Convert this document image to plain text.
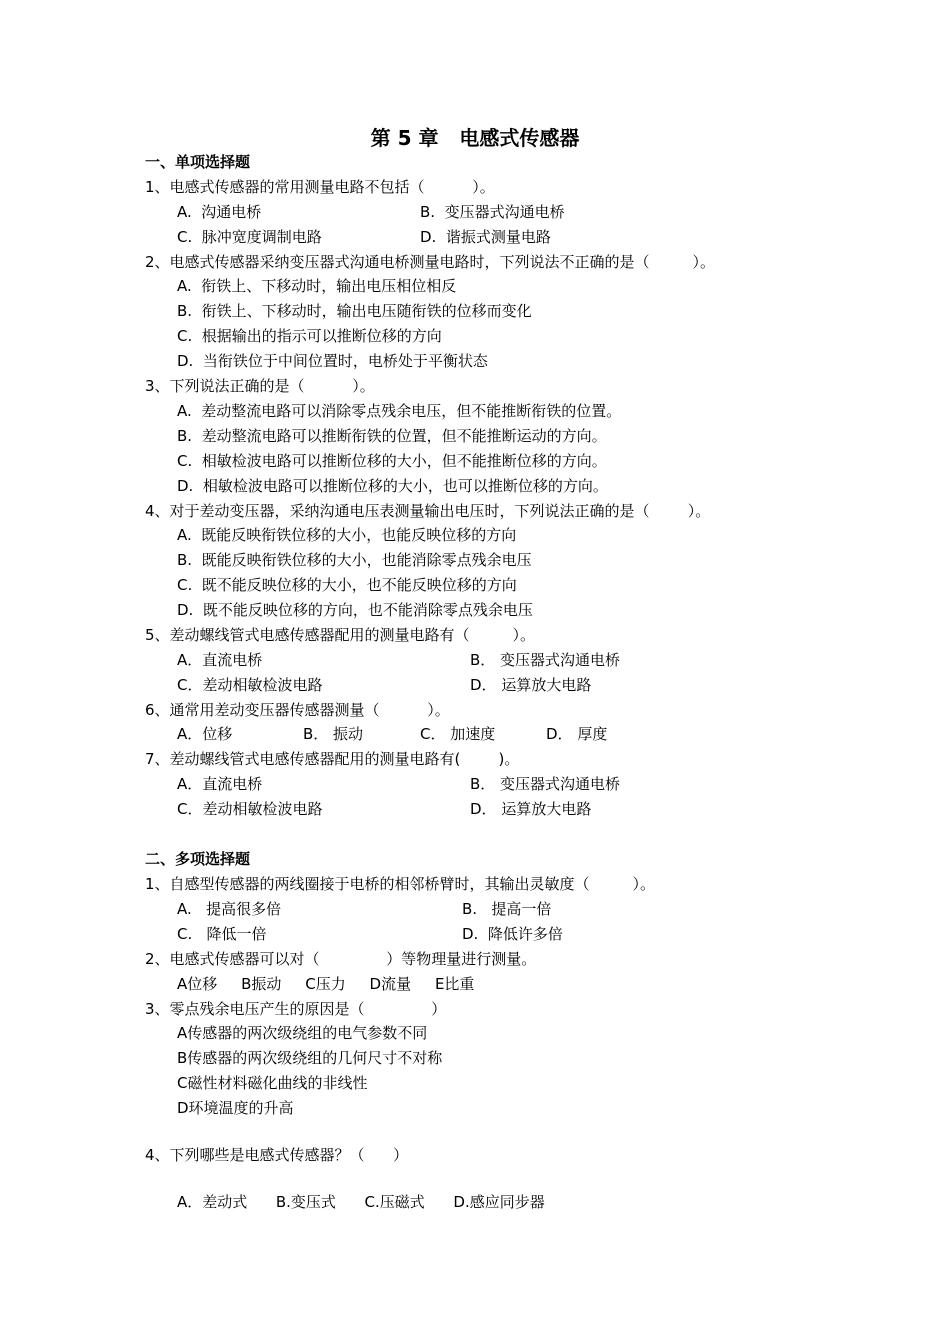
第 5 章   电感式传感器
一、单项选择题
1、电感式传感器的常用测量电路不包括（          ）。
A.  沟通电桥	B.  变压器式沟通电桥
C.  脉冲宽度调制电路	D.  谐振式测量电路
2、电感式传感器采纳变压器式沟通电桥测量电路时，下列说法不正确的是（         ）。
A.  衔铁上、下移动时，输出电压相位相反
B.  衔铁上、下移动时，输出电压随衔铁的位移而变化
C.  根据输出的指示可以推断位移的方向
D.  当衔铁位于中间位置时，电桥处于平衡状态
3、下列说法正确的是（          ）。
A.  差动整流电路可以消除零点残余电压，但不能推断衔铁的位置。
B.  差动整流电路可以推断衔铁的位置，但不能推断运动的方向。
C.  相敏检波电路可以推断位移的大小，但不能推断位移的方向。
D.  相敏检波电路可以推断位移的大小，也可以推断位移的方向。
4、对于差动变压器，采纳沟通电压表测量输出电压时，下列说法正确的是（        ）。
A.  既能反映衔铁位移的大小，也能反映位移的方向
B.  既能反映衔铁位移的大小，也能消除零点残余电压
C.  既不能反映位移的大小，也不能反映位移的方向
D.  既不能反映位移的方向，也不能消除零点残余电压
5、差动螺线管式电感传感器配用的测量电路有（         ）。
A．直流电桥	B． 变压器式沟通电桥
C．差动相敏检波电路	D． 运算放大电路
6、通常用差动变压器传感器测量（          ）。
A．位移	B． 振动	C． 加速度	D． 厚度
7、差动螺线管式电感传感器配用的测量电路有(        )。
A．直流电桥	B． 变压器式沟通电桥
C．差动相敏检波电路	D． 运算放大电路
二、多项选择题
1、自感型传感器的两线圈接于电桥的相邻桥臂时，其输出灵敏度（         ）。
A.   提高很多倍	B.   提高一倍
C.   降低一倍	D.  降低许多倍
2、电感式传感器可以对（              ）等物理量进行测量。
A位移     B振动     C压力     D流量     E比重
3、零点残余电压产生的原因是（              ）
A传感器的两次级绕组的电气参数不同
B传感器的两次级绕组的几何尺寸不对称
C磁性材料磁化曲线的非线性
D环境温度的升高
4、下列哪些是电感式传感器？（      ）
A．差动式      B.变压式      C.压磁式      D.感应同步器
